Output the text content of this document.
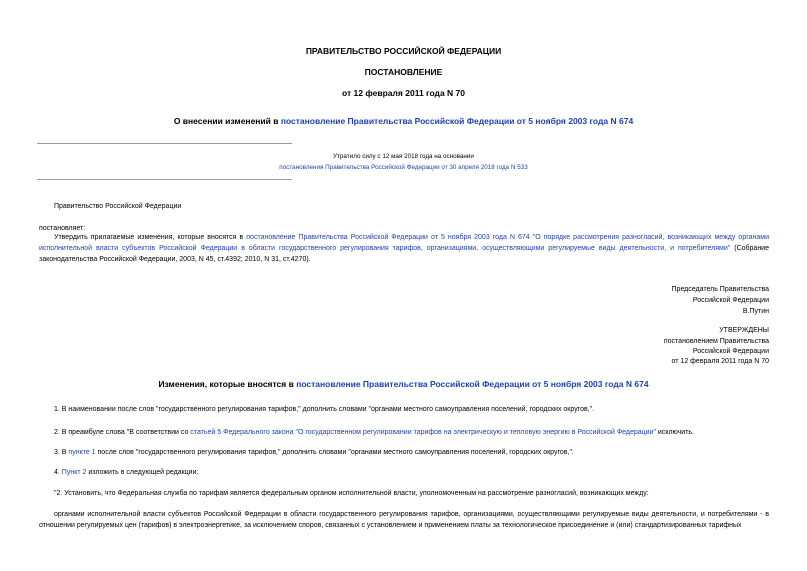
ПРАВИТЕЛЬСТВО РОССИЙСКОЙ ФЕДЕРАЦИИ
ПОСТАНОВЛЕНИЕ
от 12 февраля 2011 года N 70
О внесении изменений в постановление Правительства Российской Федерации от 5 ноября 2003 года N 674
Утратило силу с 12 мая 2018 года на основании
постановления Правительства Российской Федерации от 30 апреля 2018 года N 533
Правительство Российской Федерации
постановляет:
Утвердить прилагаемые изменения, которые вносятся в постановление Правительства Российской Федерации от 5 ноября 2003 года N 674 "О порядке рассмотрения разногласий, возникающих между органами исполнительной власти субъектов Российской Федерации в области государственного регулирования тарифов, организациями, осуществляющими регулируемые виды деятельности, и потребителями" (Собрание законодательства Российской Федерации, 2003, N 45, ст.4392; 2010, N 31, ст.4270).
Председатель Правительства
Российской Федерации
В.Путин
УТВЕРЖДЕНЫ
постановлением Правительства
Российской Федерации
от 12 февраля 2011 года N 70
Изменения, которые вносятся в постановление Правительства Российской Федерации от 5 ноября 2003 года N 674
1. В наименовании после слов "государственного регулирования тарифов," дополнить словами "органами местного самоуправления поселений, городских округов,".
2. В преамбуле слова "В соответствии со статьей 5 Федерального закона "О государственном регулировании тарифов на электрическую и тепловую энергию в Российской Федерации" исключить.
3. В пункте 1 после слов "государственного регулирования тарифов," дополнить словами "органами местного самоуправления поселений, городских округов,".
4. Пункт 2 изложить в следующей редакции:
"2. Установить, что Федеральная служба по тарифам является федеральным органом исполнительной власти, уполномоченным на рассмотрение разногласий, возникающих между:
органами исполнительной власти субъектов Российской Федерации в области государственного регулирования тарифов, организациями, осуществляющими регулируемые виды деятельности, и потребителями - в отношении регулируемых цен (тарифов) в электроэнергетике, за исключением споров, связанных с установлением и применением платы за технологическое присоединение и (или) стандартизированных тарифных
